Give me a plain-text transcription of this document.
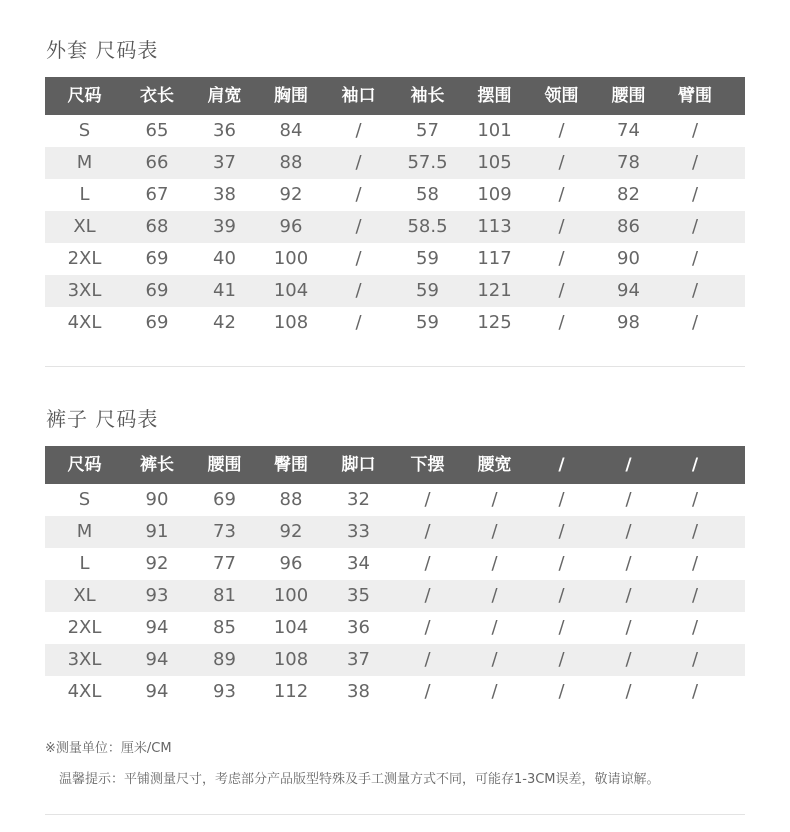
外套 尺码表
尺码	衣长	肩宽	胸围	袖口	袖长	摆围	领围	腰围	臂围
S	65	36	84	/	57	101	/	74	/
M	66	37	88	/	57.5	105	/	78	/
L	67	38	92	/	58	109	/	82	/
XL	68	39	96	/	58.5	113	/	86	/
2XL	69	40	100	/	59	117	/	90	/
3XL	69	41	104	/	59	121	/	94	/
4XL	69	42	108	/	59	125	/	98	/
裤子 尺码表
尺码	裤长	腰围	臀围	脚口	下摆	腰宽	/	/	/
S	90	69	88	32	/	/	/	/	/
M	91	73	92	33	/	/	/	/	/
L	92	77	96	34	/	/	/	/	/
XL	93	81	100	35	/	/	/	/	/
2XL	94	85	104	36	/	/	/	/	/
3XL	94	89	108	37	/	/	/	/	/
4XL	94	93	112	38	/	/	/	/	/
※测量单位：厘米/CM
温馨提示：平铺测量尺寸，考虑部分产品版型特殊及手工测量方式不同，可能存1-3CM误差，敬请谅解。
